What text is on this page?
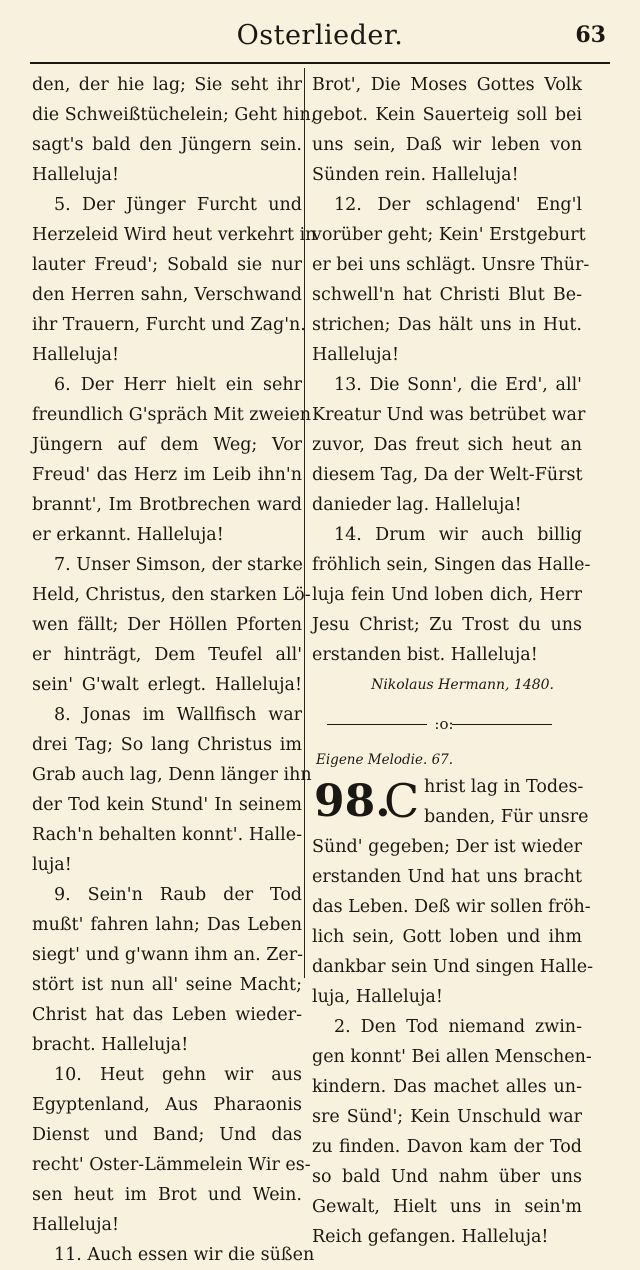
Osterlieder.	63
den, der hie lag; Sie seht ihr
die Schweißtüchelein; Geht hin,
sagt's bald den Jüngern sein.
Halleluja!
5. Der Jünger Furcht und
Herzeleid Wird heut verkehrt in
lauter Freud'; Sobald sie nur
den Herren sahn, Verschwand
ihr Trauern, Furcht und Zag'n.
Halleluja!
6. Der Herr hielt ein sehr
freundlich G'spräch Mit zweien
Jüngern auf dem Weg; Vor
Freud' das Herz im Leib ihn'n
brannt', Im Brotbrechen ward
er erkannt. Halleluja!
7. Unser Simson, der starke
Held, Christus, den starken Lö-
wen fällt; Der Höllen Pforten
er hinträgt, Dem Teufel all'
sein' G'walt erlegt. Halleluja!
8. Jonas im Wallfisch war
drei Tag; So lang Christus im
Grab auch lag, Denn länger ihn
der Tod kein Stund' In seinem
Rach'n behalten konnt'. Halle-
luja!
9. Sein'n Raub der Tod
mußt' fahren lahn; Das Leben
siegt' und g'wann ihm an. Zer-
stört ist nun all' seine Macht;
Christ hat das Leben wieder-
bracht. Halleluja!
10. Heut gehn wir aus
Egyptenland, Aus Pharaonis
Dienst und Band; Und das
recht' Oster-Lämmelein Wir es-
sen heut im Brot und Wein.
Halleluja!
11. Auch essen wir die süßen
Brot', Die Moses Gottes Volk
gebot. Kein Sauerteig soll bei
uns sein, Daß wir leben von
Sünden rein. Halleluja!
12. Der schlagend' Eng'l
vorüber geht; Kein' Erstgeburt
er bei uns schlägt. Unsre Thür-
schwell'n hat Christi Blut Be-
strichen; Das hält uns in Hut.
Halleluja!
13. Die Sonn', die Erd', all'
Kreatur Und was betrübet war
zuvor, Das freut sich heut an
diesem Tag, Da der Welt-Fürst
danieder lag. Halleluja!
14. Drum wir auch billig
fröhlich sein, Singen das Halle-
luja fein Und loben dich, Herr
Jesu Christ; Zu Trost du uns
erstanden bist. Halleluja!
Nikolaus Hermann, 1480.
:o:
Eigene Melodie. 67.
98.
C hrist lag in Todes-
banden, Für unsre
Sünd' gegeben; Der ist wieder
erstanden Und hat uns bracht
das Leben. Deß wir sollen fröh-
lich sein, Gott loben und ihm
dankbar sein Und singen Halle-
luja, Halleluja!
2. Den Tod niemand zwin-
gen konnt' Bei allen Menschen-
kindern. Das machet alles un-
sre Sünd'; Kein Unschuld war
zu finden. Davon kam der Tod
so bald Und nahm über uns
Gewalt, Hielt uns in sein'm
Reich gefangen. Halleluja!
